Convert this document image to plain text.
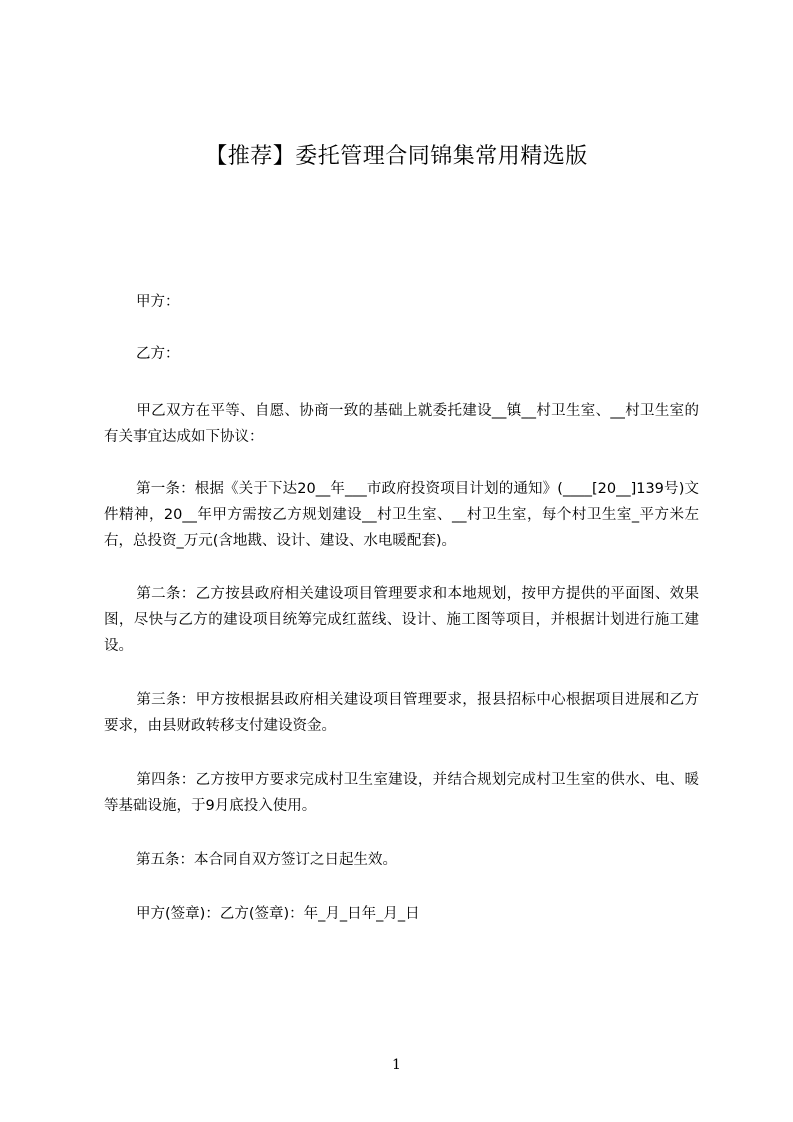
【推荐】委托管理合同锦集常用精选版
甲方：
乙方：
甲乙双方在平等、自愿、协商一致的基础上就委托建设__镇__村卫生室、__村卫生室的有关事宜达成如下协议：
第一条：根据《关于下达20__年___市政府投资项目计划的通知》(____[20__]139号)文件精神，20__年甲方需按乙方规划建设__村卫生室、__村卫生室，每个村卫生室_平方米左右，总投资_万元(含地戡、设计、建设、水电暖配套)。
第二条：乙方按县政府相关建设项目管理要求和本地规划，按甲方提供的平面图、效果图，尽快与乙方的建设项目统筹完成红蓝线、设计、施工图等项目，并根据计划进行施工建设。
第三条：甲方按根据县政府相关建设项目管理要求，报县招标中心根据项目进展和乙方要求，由县财政转移支付建设资金。
第四条：乙方按甲方要求完成村卫生室建设，并结合规划完成村卫生室的供水、电、暖等基础设施，于9月底投入使用。
第五条：本合同自双方签订之日起生效。
甲方(签章)：乙方(签章)：年_月_日年_月_日
1
